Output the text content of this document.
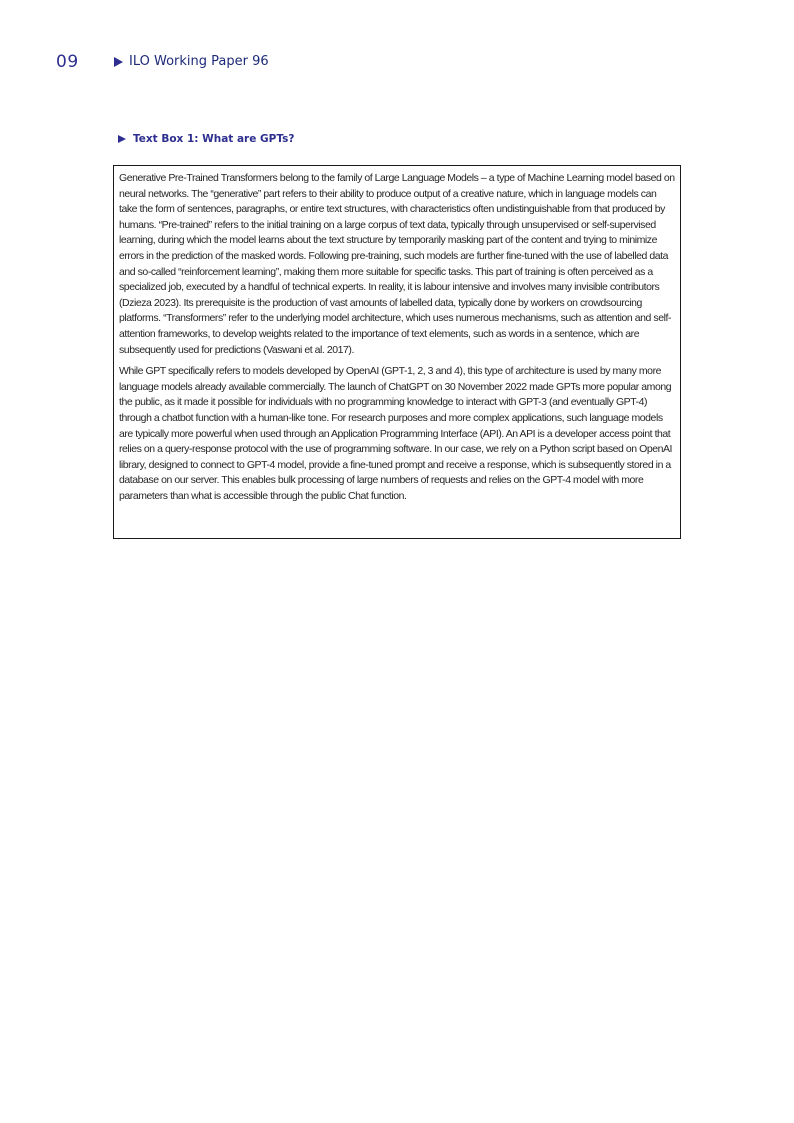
09	ILO Working Paper 96
Text Box 1: What are GPTs?

Generative Pre-Trained Transformers belong to the family of Large Language Models – a type of Machine Learning model based on neural networks. The “generative” part refers to their ability to produce output of a creative nature, which in language models can take the form of sentences, paragraphs, or entire text structures, with characteristics often undistinguishable from that produced by humans. “Pre-trained” refers to the initial training on a large corpus of text data, typically through unsupervised or self-supervised learning, during which the model learns about the text structure by temporarily masking part of the content and trying to minimize errors in the prediction of the masked words. Following pre-training, such models are further fine-tuned with the use of labelled data and so-called “reinforcement learning”, making them more suitable for specific tasks. This part of training is often perceived as a specialized job, executed by a handful of technical experts. In reality, it is labour intensive and involves many invisible contributors (Dzieza 2023). Its prerequisite is the production of vast amounts of labelled data, typically done by workers on crowdsourcing platforms. “Transformers” refer to the underlying model architecture, which uses numerous mechanisms, such as attention and self-attention frameworks, to develop weights related to the importance of text elements, such as words in a sentence, which are subsequently used for predictions (Vaswani et al. 2017).

While GPT specifically refers to models developed by OpenAI (GPT-1, 2, 3 and 4), this type of architecture is used by many more language models already available commercially. The launch of ChatGPT on 30 November 2022 made GPTs more popular among the public, as it made it possible for individuals with no programming knowledge to interact with GPT-3 (and eventually GPT-4) through a chatbot function with a human-like tone. For research purposes and more complex applications, such language models are typically more powerful when used through an Application Programming Interface (API). An API is a developer access point that relies on a query-response protocol with the use of programming software. In our case, we rely on a Python script based on OpenAI library, designed to connect to GPT-4 model, provide a fine-tuned prompt and receive a response, which is subsequently stored in a database on our server. This enables bulk processing of large numbers of requests and relies on the GPT-4 model with more parameters than what is accessible through the public Chat function.
